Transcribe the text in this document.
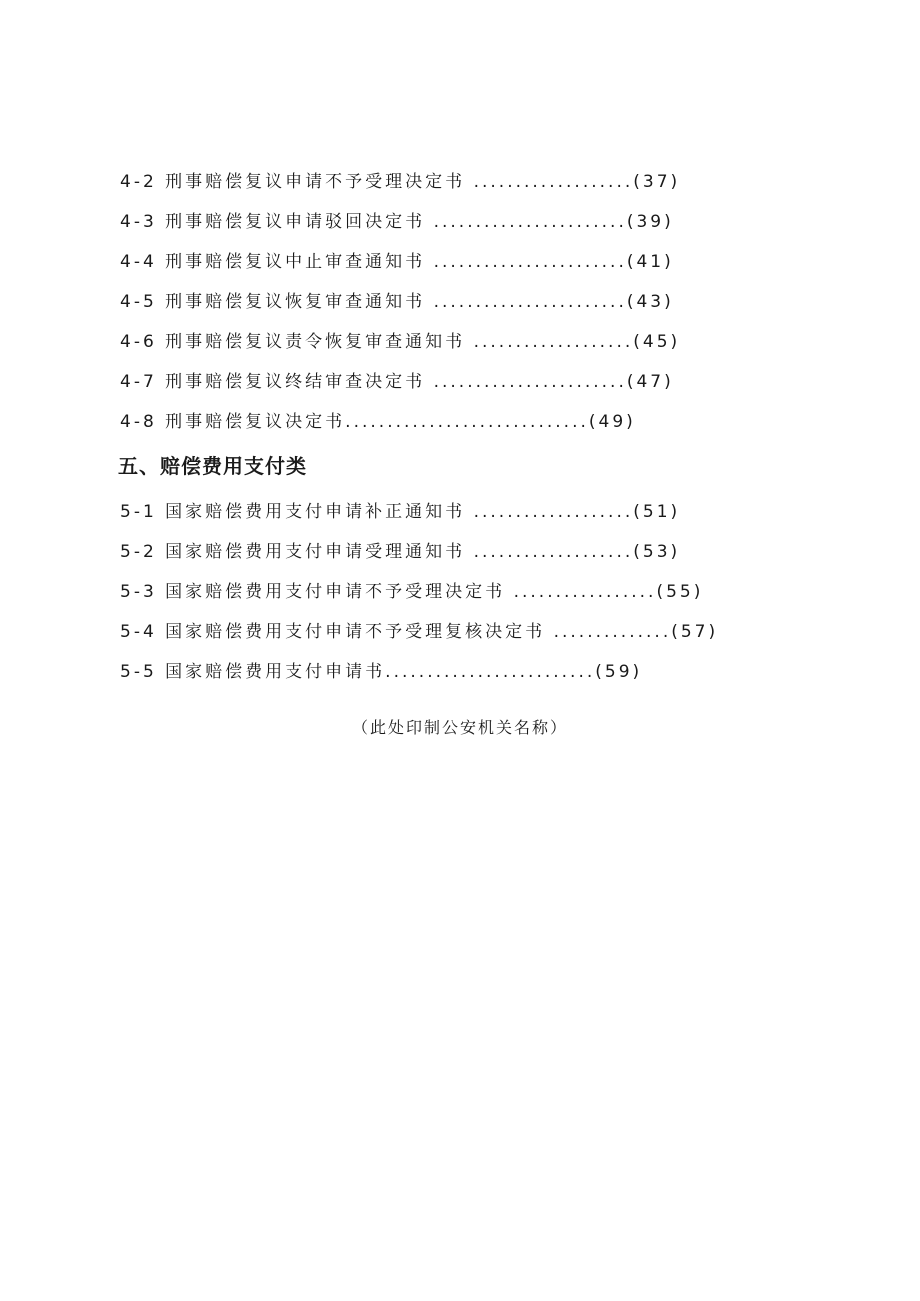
4-2 刑事赔偿复议申请不予受理决定书 ...................(37)
4-3 刑事赔偿复议申请驳回决定书 .......................(39)
4-4 刑事赔偿复议中止审查通知书 .......................(41)
4-5 刑事赔偿复议恢复审查通知书 .......................(43)
4-6 刑事赔偿复议责令恢复审查通知书 ...................(45)
4-7 刑事赔偿复议终结审查决定书 .......................(47)
4-8 刑事赔偿复议决定书.............................(49)
五、赔偿费用支付类
5-1 国家赔偿费用支付申请补正通知书 ...................(51)
5-2 国家赔偿费用支付申请受理通知书 ...................(53)
5-3 国家赔偿费用支付申请不予受理决定书 .................(55)
5-4 国家赔偿费用支付申请不予受理复核决定书 ..............(57)
5-5 国家赔偿费用支付申请书.........................(59)
（此处印制公安机关名称）
